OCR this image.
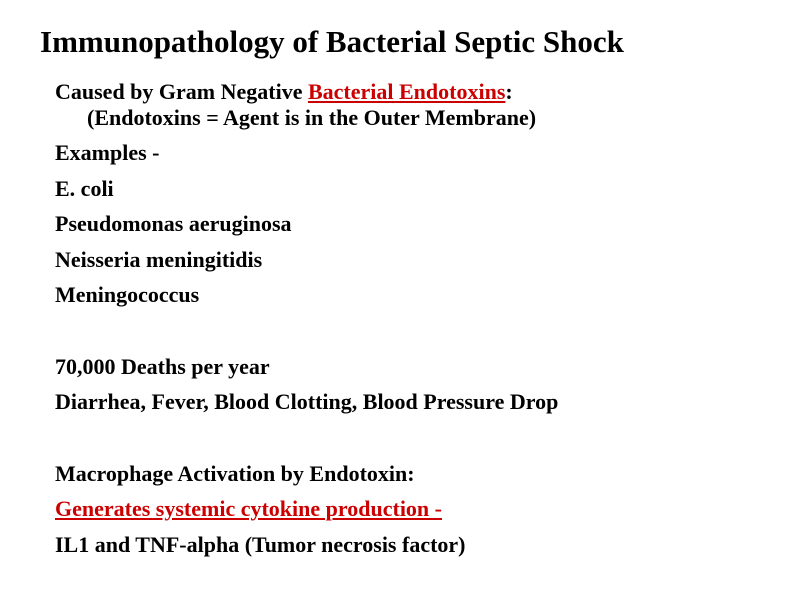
Immunopathology of Bacterial Septic Shock
Caused by Gram Negative Bacterial Endotoxins:
(Endotoxins = Agent is in the Outer Membrane)
Examples -
E. coli
Pseudomonas aeruginosa
Neisseria meningitidis
Meningococcus
70,000 Deaths per year
Diarrhea, Fever, Blood Clotting, Blood Pressure Drop
Macrophage Activation by Endotoxin:
Generates systemic cytokine production -
IL1 and TNF-alpha (Tumor necrosis factor)
